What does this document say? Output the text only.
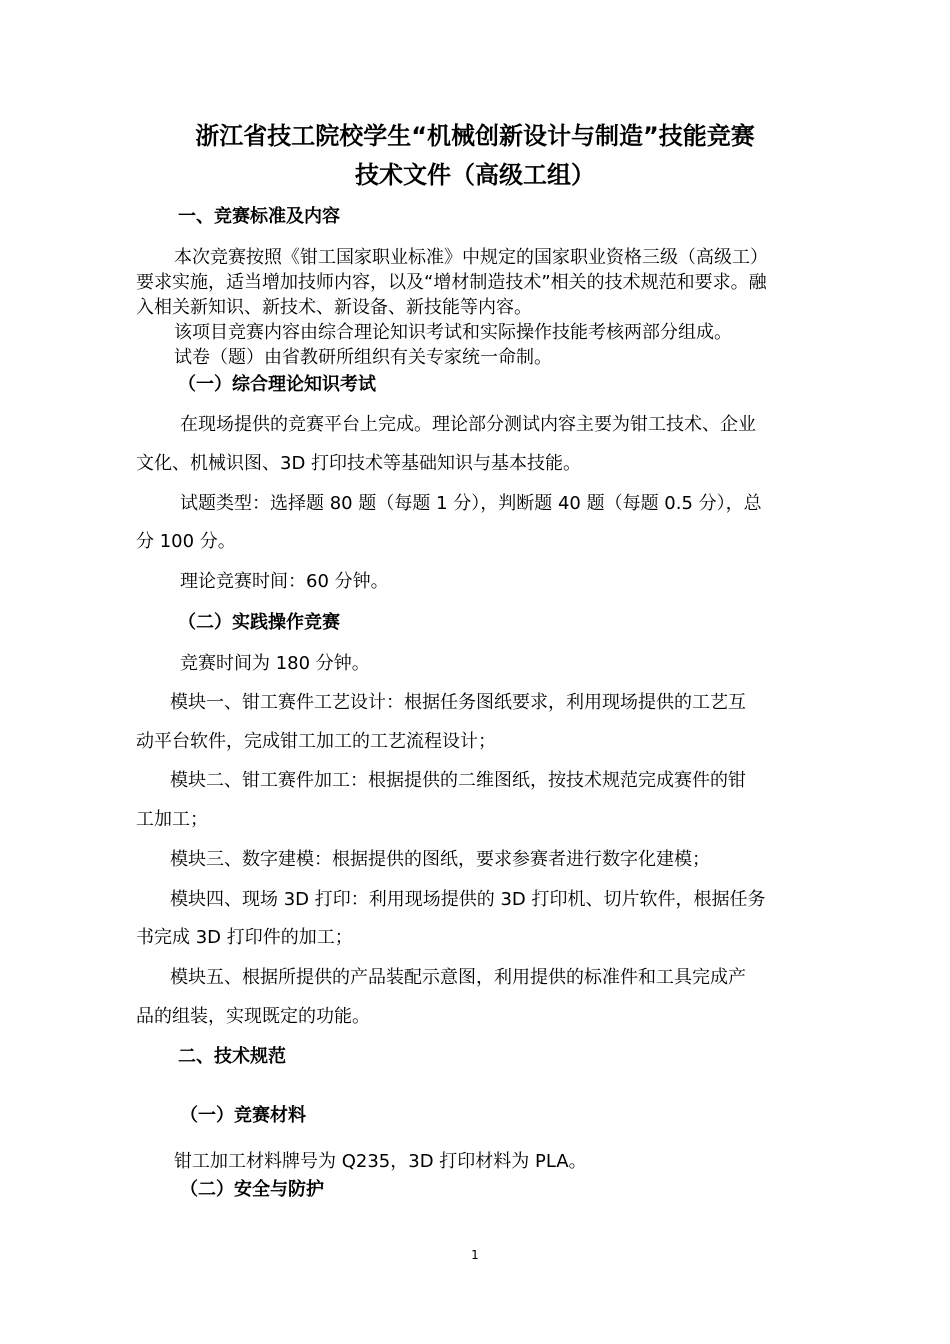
浙江省技工院校学生“机械创新设计与制造”技能竞赛
技术文件（高级工组）
一、竞赛标准及内容
本次竞赛按照《钳工国家职业标准》中规定的国家职业资格三级（高级工）
要求实施，适当增加技师内容，以及“增材制造技术”相关的技术规范和要求。融
入相关新知识、新技术、新设备、新技能等内容。
该项目竞赛内容由综合理论知识考试和实际操作技能考核两部分组成。
试卷（题）由省教研所组织有关专家统一命制。
（一）综合理论知识考试
在现场提供的竞赛平台上完成。理论部分测试内容主要为钳工技术、企业
文化、机械识图、3D 打印技术等基础知识与基本技能。
试题类型：选择题 80 题（每题 1 分），判断题 40 题（每题 0.5 分），总
分 100 分。
理论竞赛时间：60 分钟。
（二）实践操作竞赛
竞赛时间为 180 分钟。
模块一、钳工赛件工艺设计：根据任务图纸要求，利用现场提供的工艺互
动平台软件，完成钳工加工的工艺流程设计；
模块二、钳工赛件加工：根据提供的二维图纸，按技术规范完成赛件的钳
工加工；
模块三、数字建模：根据提供的图纸，要求参赛者进行数字化建模；
模块四、现场 3D 打印：利用现场提供的 3D 打印机、切片软件，根据任务
书完成 3D 打印件的加工；
模块五、根据所提供的产品装配示意图，利用提供的标准件和工具完成产
品的组装，实现既定的功能。
二、技术规范
（一）竞赛材料
钳工加工材料牌号为 Q235，3D 打印材料为 PLA。
（二）安全与防护
1
